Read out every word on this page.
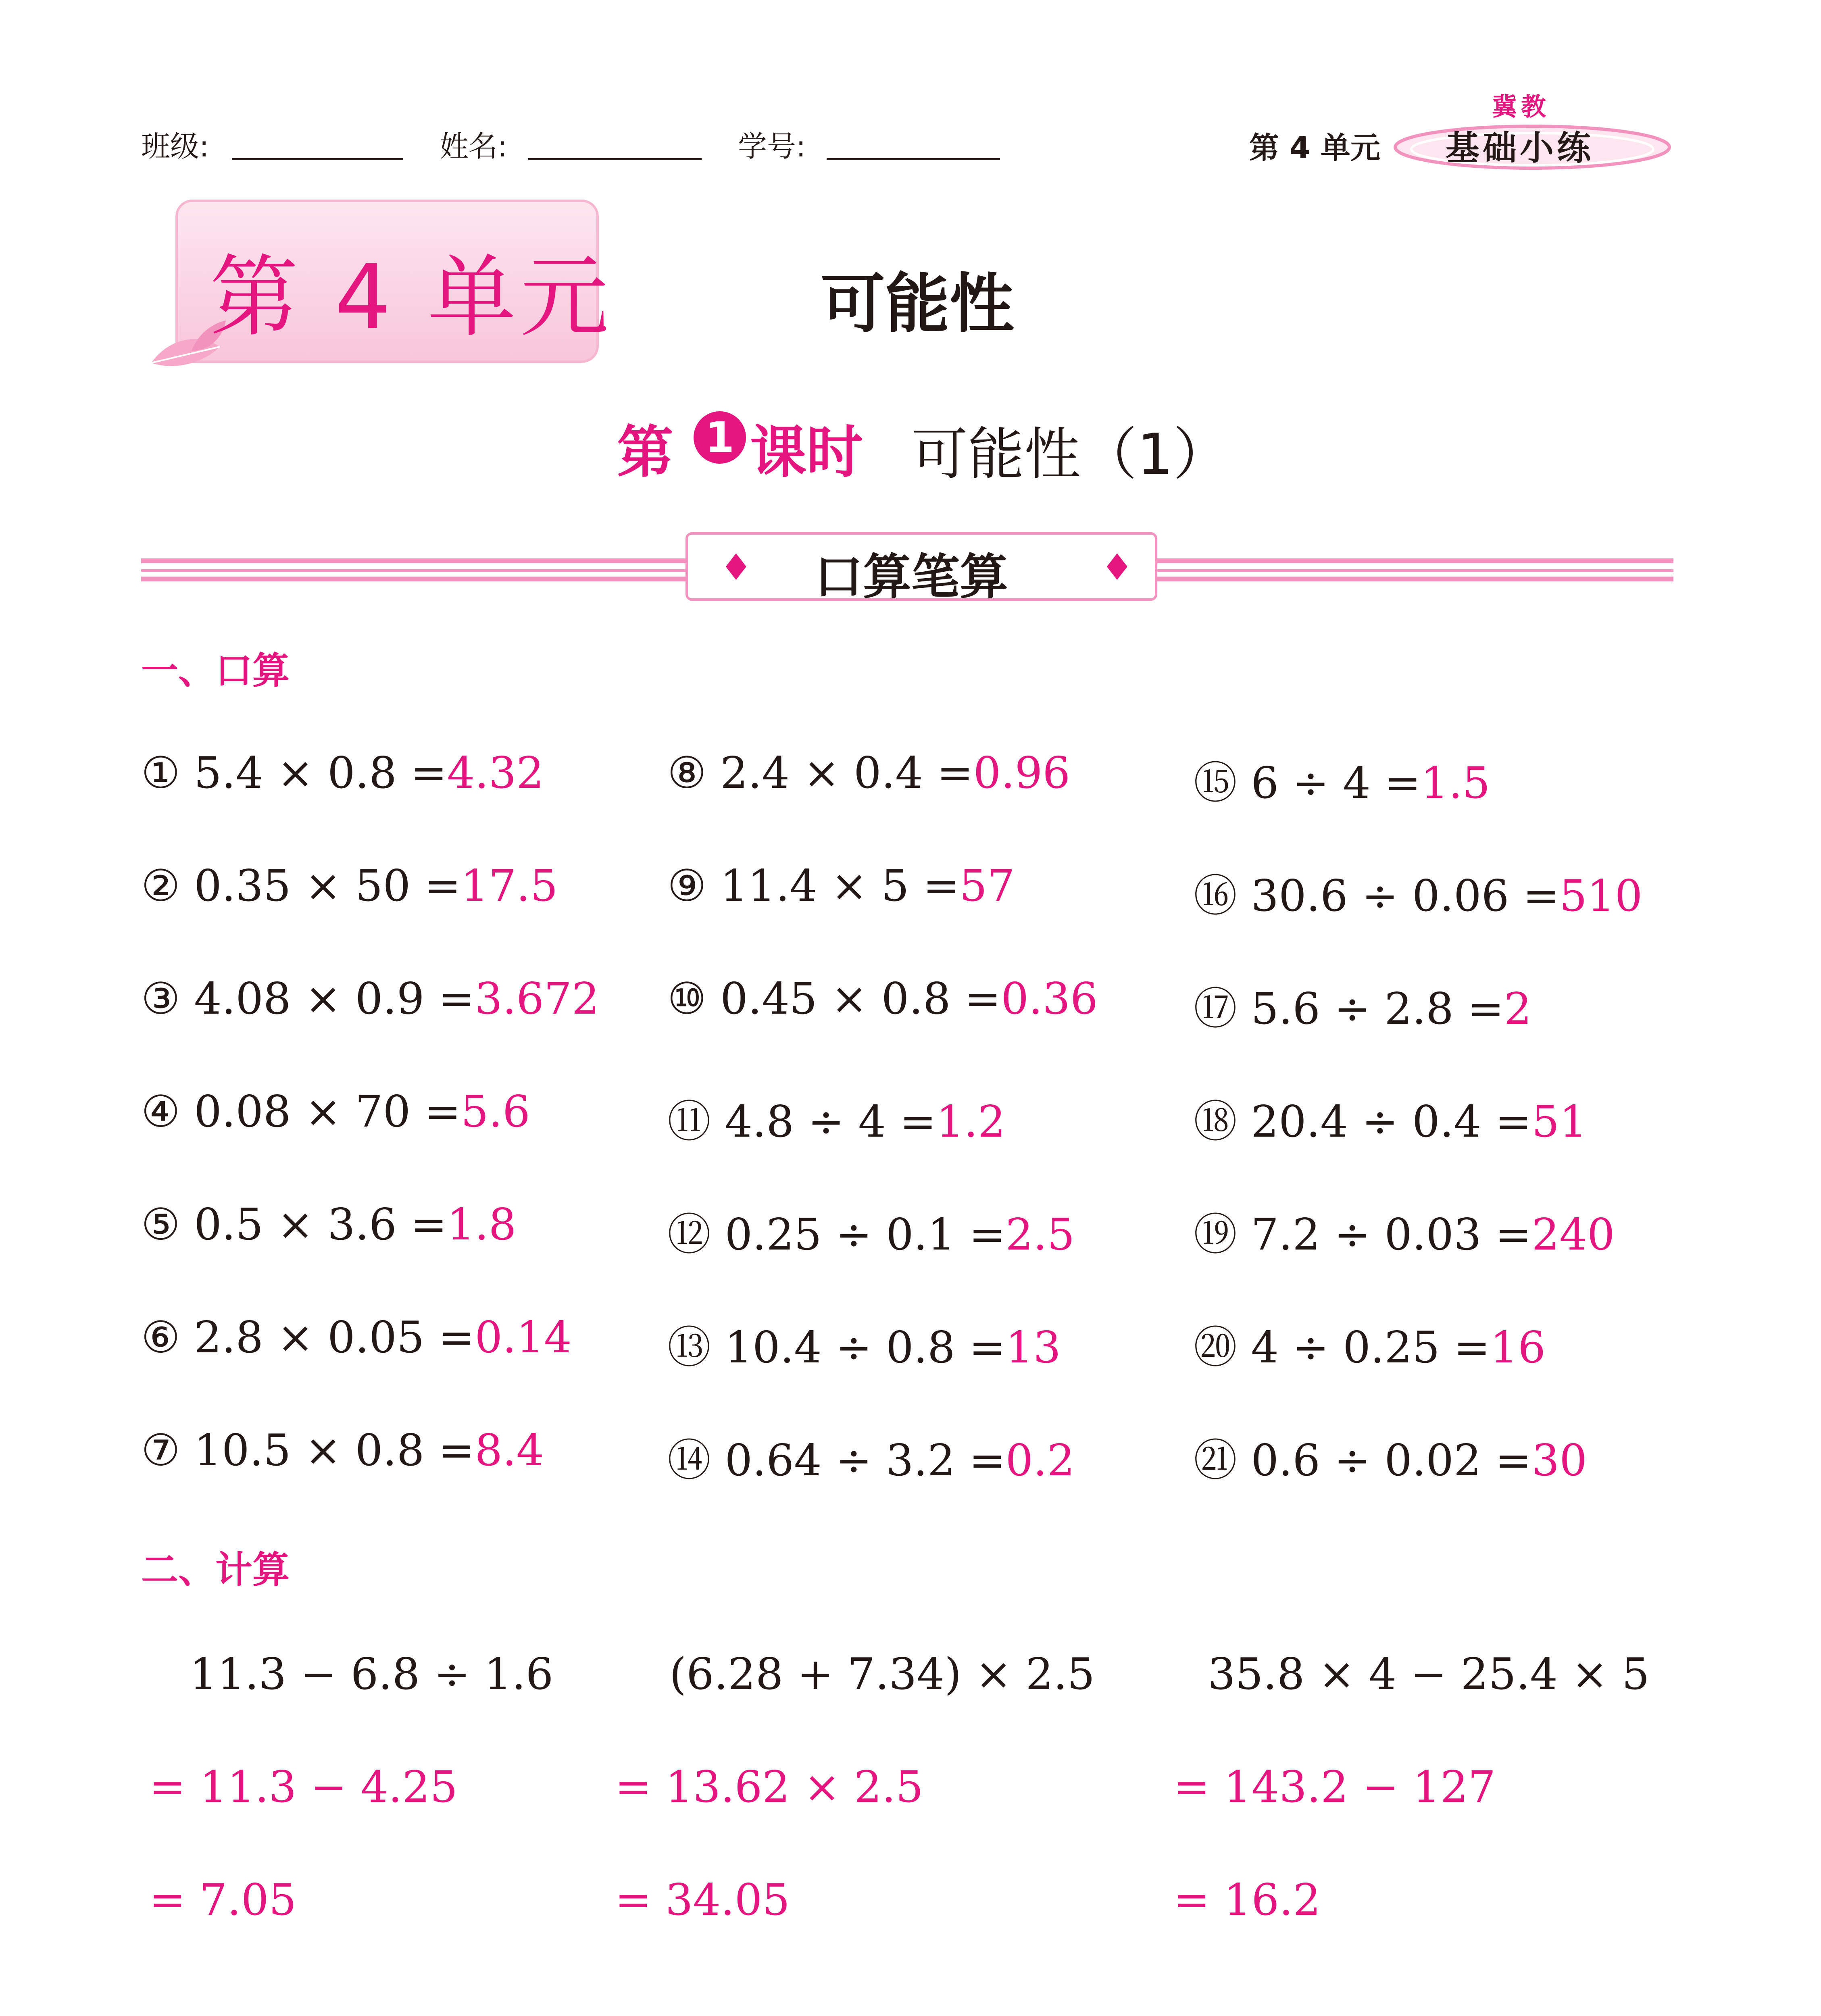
班级:	姓名:	学号:	第 4 单元
冀教
基础小练
第 4 单元	可能性
第 1 课时 可能性（1）
♦	♦
口算笔算
一、口算
① 5.4 × 0.8 =4.32
② 0.35 × 50 =17.5
③ 4.08 × 0.9 =3.672
④ 0.08 × 70 =5.6
⑤ 0.5 × 3.6 =1.8
⑥ 2.8 × 0.05 =0.14
⑦ 10.5 × 0.8 =8.4
⑧ 2.4 × 0.4 =0.96
⑨ 11.4 × 5 =57
⑩ 0.45 × 0.8 =0.36
⑪ 4.8 ÷ 4 =1.2
⑫ 0.25 ÷ 0.1 =2.5
⑬ 10.4 ÷ 0.8 =13
⑭ 0.64 ÷ 3.2 =0.2
⑮ 6 ÷ 4 =1.5
⑯ 30.6 ÷ 0.06 =510
⑰ 5.6 ÷ 2.8 =2
⑱ 20.4 ÷ 0.4 =51
⑲ 7.2 ÷ 0.03 =240
⑳ 4 ÷ 0.25 =16
㉑ 0.6 ÷ 0.02 =30
二、计算
11.3 − 6.8 ÷ 1.6
= 11.3 − 4.25
= 7.05
(6.28 + 7.34) × 2.5
= 13.62 × 2.5
= 34.05
35.8 × 4 − 25.4 × 5
= 143.2 − 127
= 16.2
